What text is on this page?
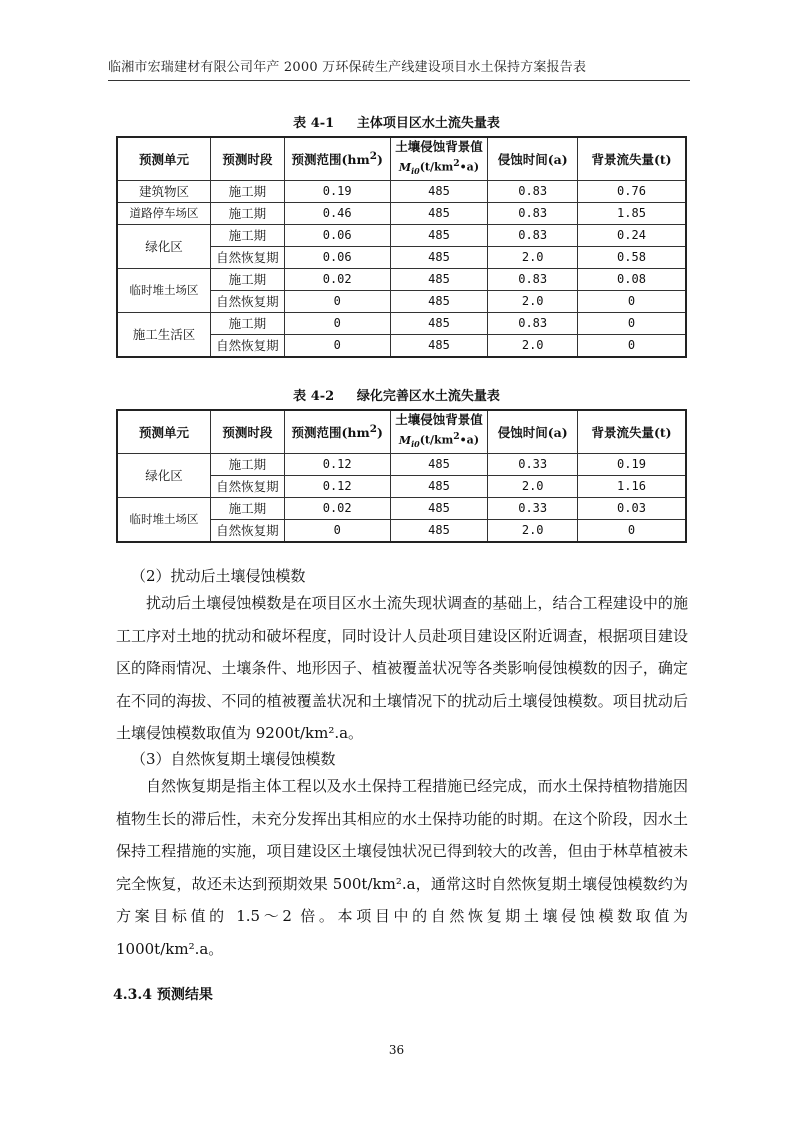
临湘市宏瑞建材有限公司年产 2000 万环保砖生产线建设项目水土保持方案报告表
表 4-1     主体项目区水土流失量表
预测单元	预测时段	预测范围$(hm^2)$	土壤侵蚀背景值
$M_{i0}(t/km^2•a)$	侵蚀时间(a)	背景流失量(t)
建筑物区	施工期	0.19	485	0.83	0.76
道路停车场区	施工期	0.46	485	0.83	1.85
绿化区	施工期	0.06	485	0.83	0.24
	自然恢复期	0.06	485	2.0	0.58
临时堆土场区	施工期	0.02	485	0.83	0.08
	自然恢复期	0	485	2.0	0
施工生活区	施工期	0	485	0.83	0
	自然恢复期	0	485	2.0	0
表 4-2     绿化完善区水土流失量表
预测单元	预测时段	预测范围$(hm^2)$	土壤侵蚀背景值
$M_{i0}(t/km^2•a)$	侵蚀时间(a)	背景流失量(t)
绿化区	施工期	0.12	485	0.33	0.19
	自然恢复期	0.12	485	2.0	1.16
临时堆土场区	施工期	0.02	485	0.33	0.03
	自然恢复期	0	485	2.0	0
（2）扰动后土壤侵蚀模数

扰动后土壤侵蚀模数是在项目区水土流失现状调查的基础上，结合工程建设中的施工工序对土地的扰动和破坏程度，同时设计人员赴项目建设区附近调查，根据项目建设区的降雨情况、土壤条件、地形因子、植被覆盖状况等各类影响侵蚀模数的因子，确定在不同的海拔、不同的植被覆盖状况和土壤情况下的扰动后土壤侵蚀模数。项目扰动后土壤侵蚀模数取值为 9200t/km².a。

（3）自然恢复期土壤侵蚀模数

自然恢复期是指主体工程以及水土保持工程措施已经完成，而水土保持植物措施因植物生长的滞后性，未充分发挥出其相应的水土保持功能的时期。在这个阶段，因水土保持工程措施的实施，项目建设区土壤侵蚀状况已得到较大的改善，但由于林草植被未完全恢复，故还未达到预期效果 500t/km².a，通常这时自然恢复期土壤侵蚀模数约为方案目标值的 1.5～2 倍。本项目中的自然恢复期土壤侵蚀模数取值为 1000t/km².a。

4.3.4 预测结果
36
